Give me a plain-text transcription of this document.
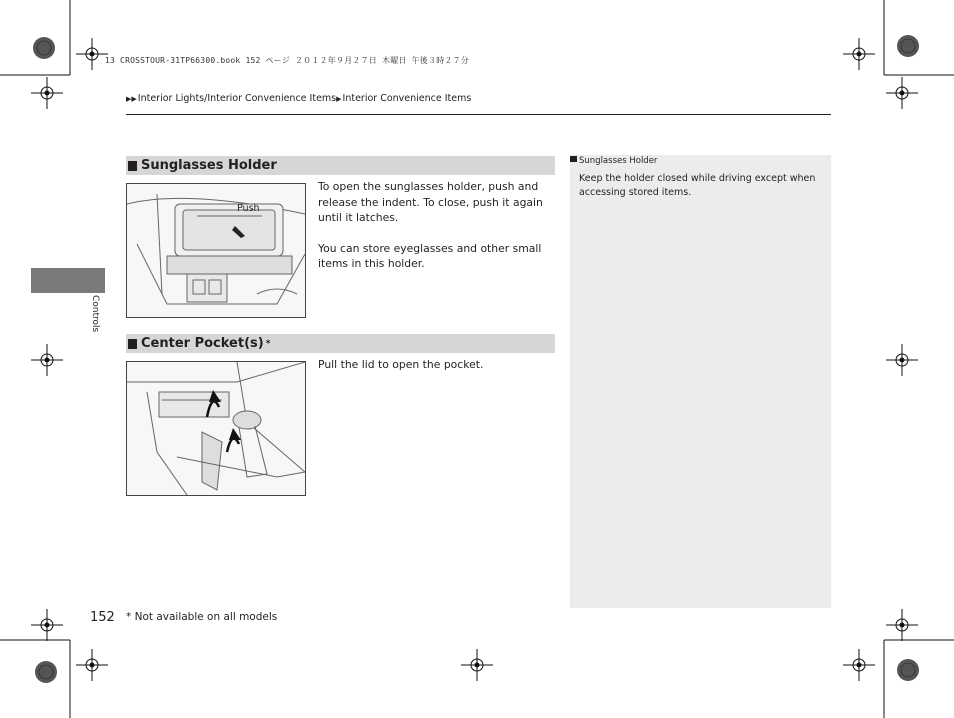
13 CROSSTOUR-31TP66300.book 152 ページ ２０１２年９月２７日 木曜日 午後３時２７分
▶▶Interior Lights/Interior Convenience Items▶Interior Convenience Items
Controls
Sunglasses Holder
Push
To open the sunglasses holder, push and release the indent. To close, push it again until it latches.
You can store eyeglasses and other small items in this holder.
Center Pocket(s) *
Pull the lid to open the pocket.
Sunglasses Holder
Keep the holder closed while driving except when accessing stored items.
152 * Not available on all models
